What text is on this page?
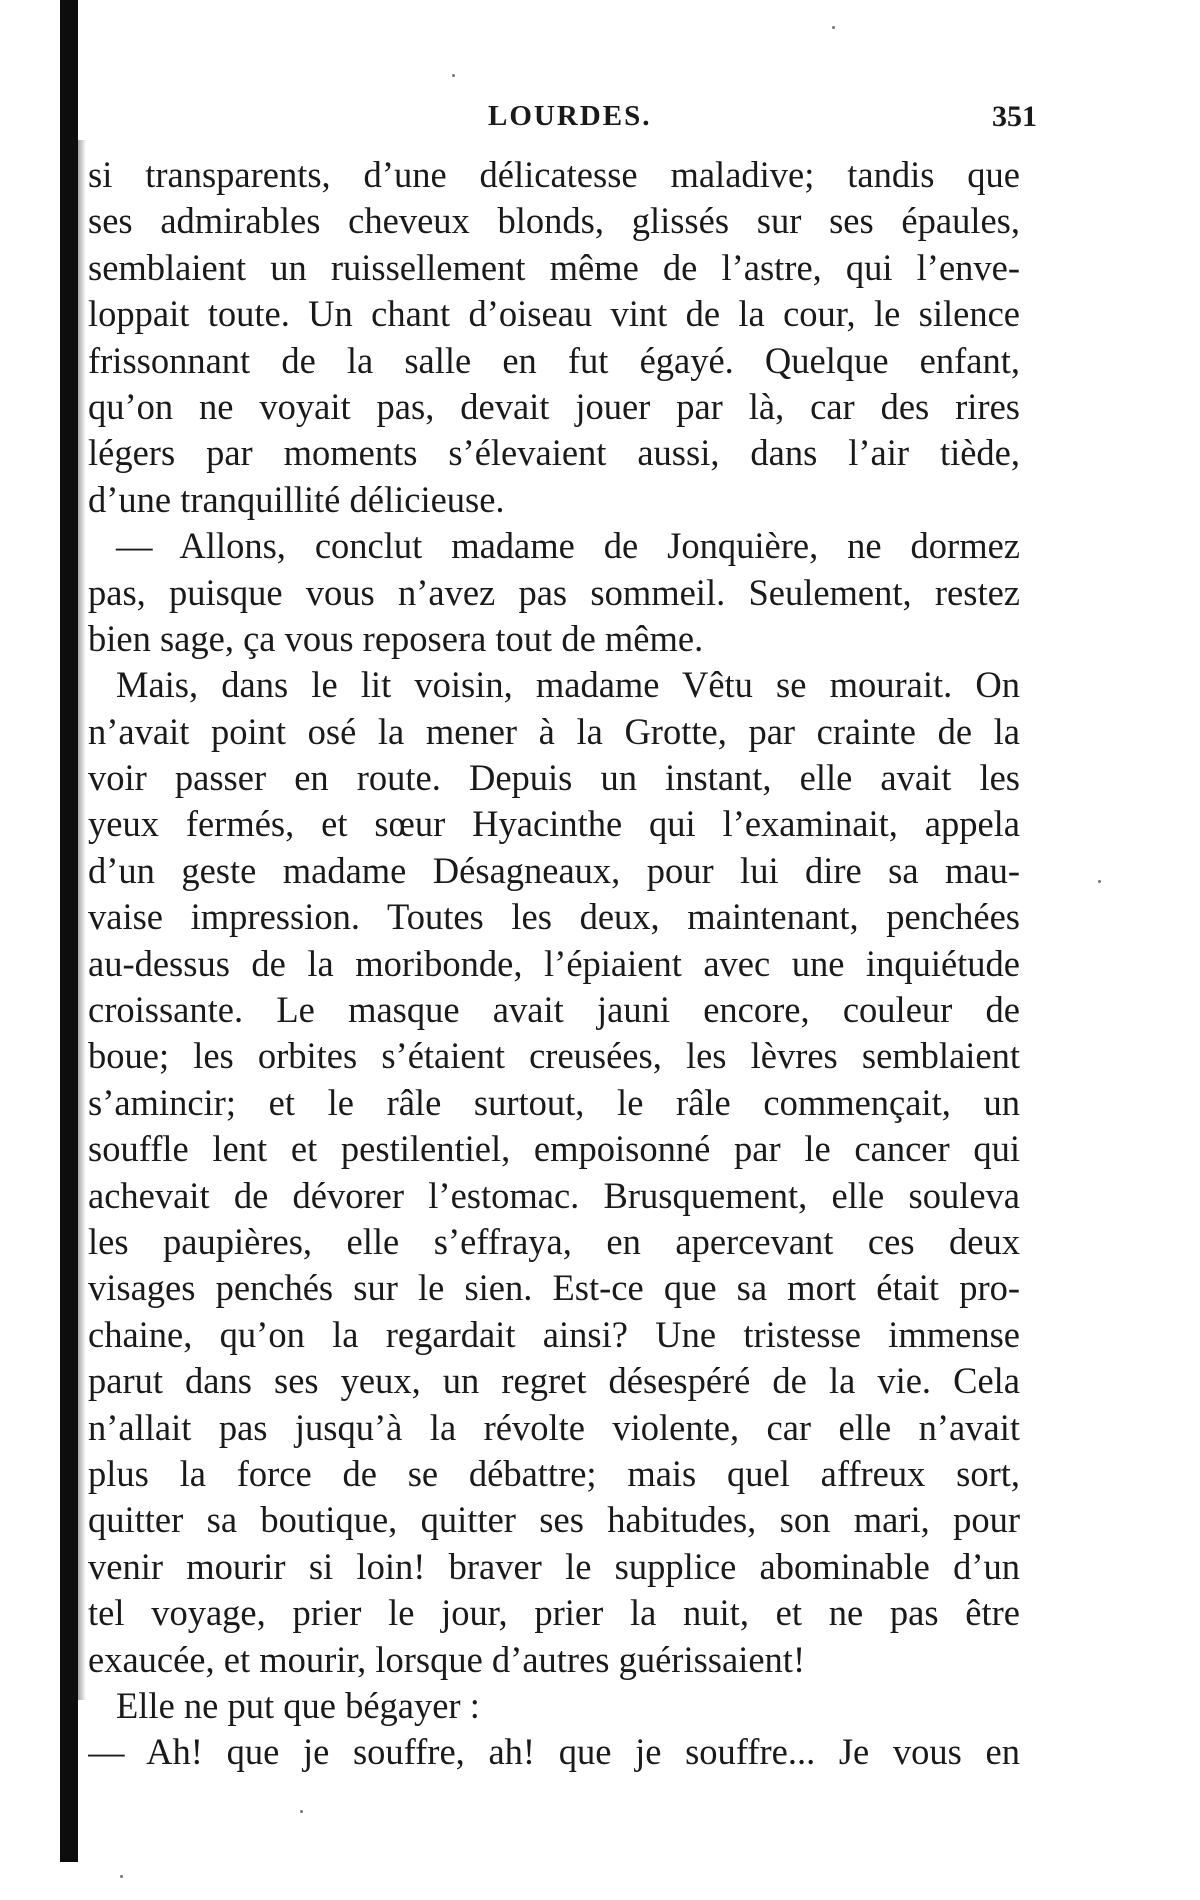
LOURDES.	351
si transparents, d’une délicatesse maladive; tandis que
ses admirables cheveux blonds, glissés sur ses épaules,
semblaient un ruissellement même de l’astre, qui l’enve-
loppait toute. Un chant d’oiseau vint de la cour, le silence
frissonnant de la salle en fut égayé. Quelque enfant,
qu’on ne voyait pas, devait jouer par là, car des rires
légers par moments s’élevaient aussi, dans l’air tiède,
d’une tranquillité délicieuse.
— Allons, conclut madame de Jonquière, ne dormez
pas, puisque vous n’avez pas sommeil. Seulement, restez
bien sage, ça vous reposera tout de même.
Mais, dans le lit voisin, madame Vêtu se mourait. On
n’avait point osé la mener à la Grotte, par crainte de la
voir passer en route. Depuis un instant, elle avait les
yeux fermés, et sœur Hyacinthe qui l’examinait, appela
d’un geste madame Désagneaux, pour lui dire sa mau-
vaise impression. Toutes les deux, maintenant, penchées
au-dessus de la moribonde, l’épiaient avec une inquiétude
croissante. Le masque avait jauni encore, couleur de
boue; les orbites s’étaient creusées, les lèvres semblaient
s’amincir; et le râle surtout, le râle commençait, un
souffle lent et pestilentiel, empoisonné par le cancer qui
achevait de dévorer l’estomac. Brusquement, elle souleva
les paupières, elle s’effraya, en apercevant ces deux
visages penchés sur le sien. Est-ce que sa mort était pro-
chaine, qu’on la regardait ainsi? Une tristesse immense
parut dans ses yeux, un regret désespéré de la vie. Cela
n’allait pas jusqu’à la révolte violente, car elle n’avait
plus la force de se débattre; mais quel affreux sort,
quitter sa boutique, quitter ses habitudes, son mari, pour
venir mourir si loin! braver le supplice abominable d’un
tel voyage, prier le jour, prier la nuit, et ne pas être
exaucée, et mourir, lorsque d’autres guérissaient!
Elle ne put que bégayer :
— Ah! que je souffre, ah! que je souffre... Je vous en
